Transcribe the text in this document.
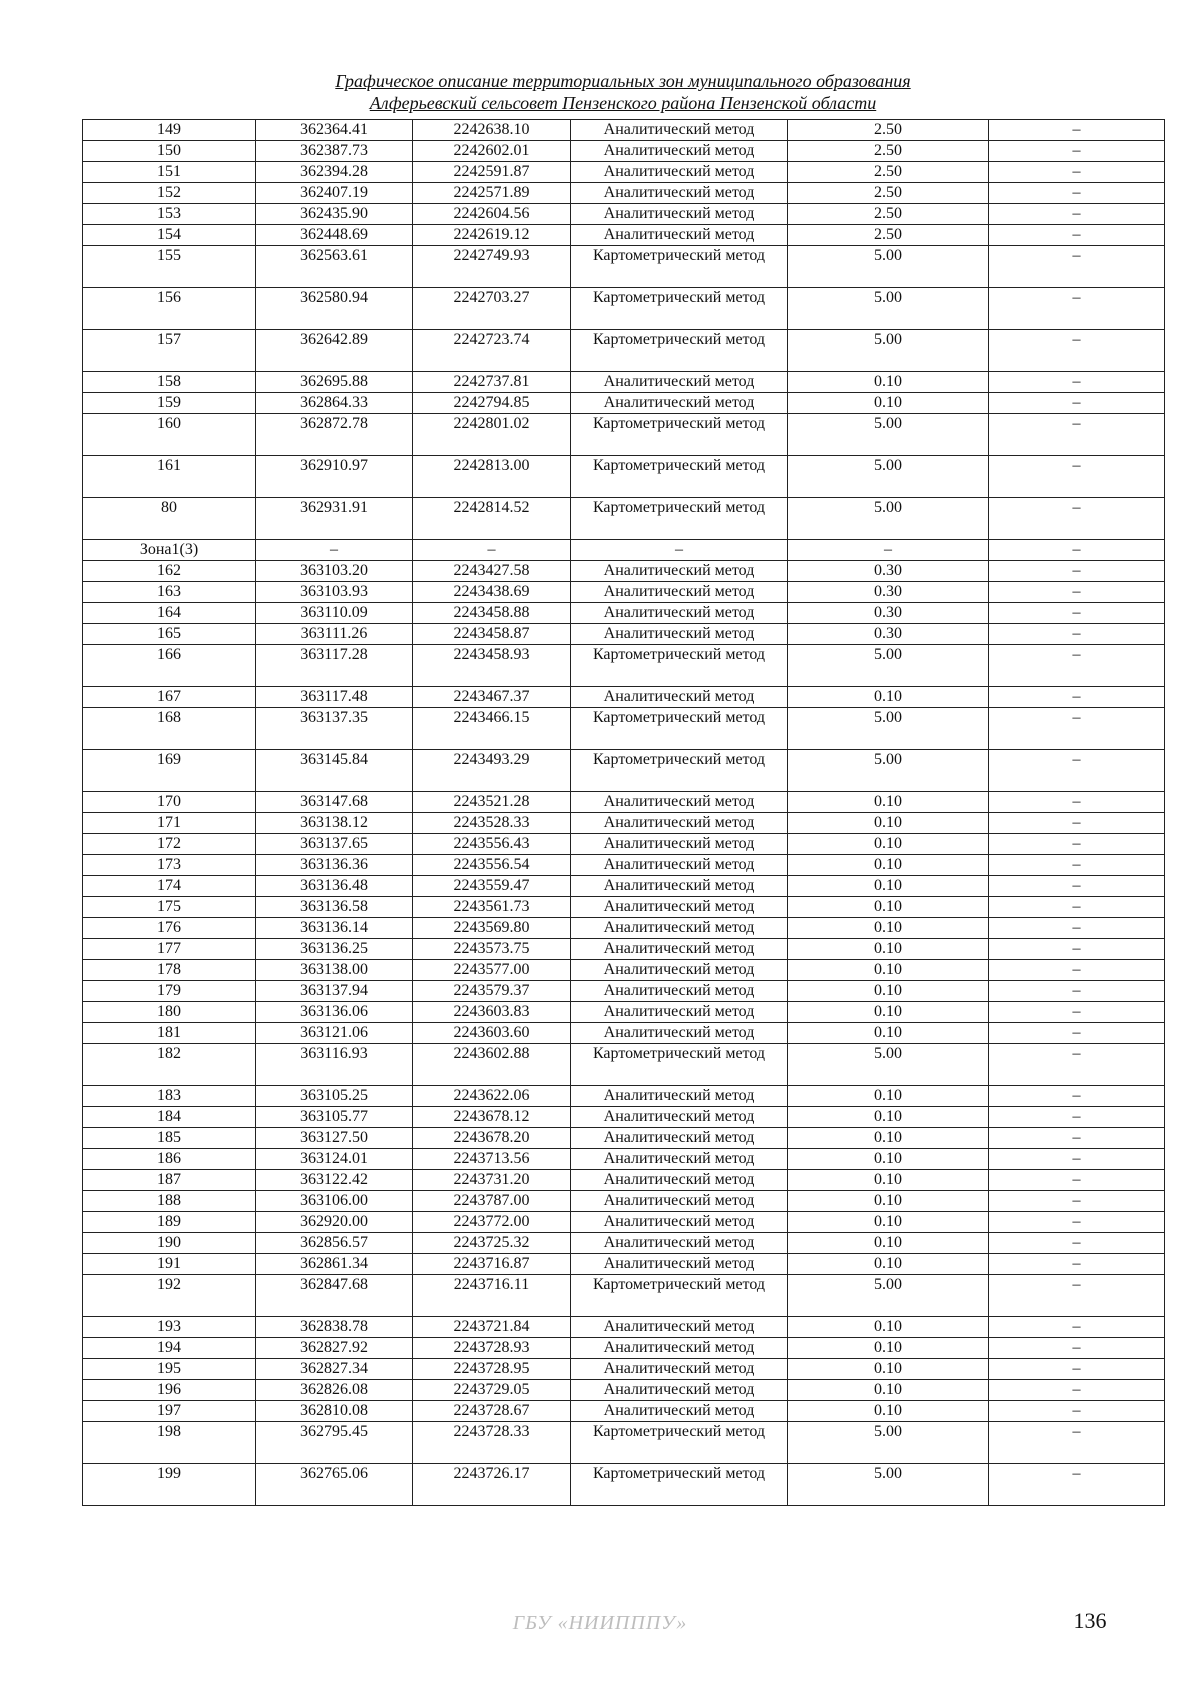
Графическое описание территориальных зон муниципального образования
Алферьевский сельсовет Пензенского района Пензенской области
149	362364.41	2242638.10	Аналитический метод	2.50	–
150	362387.73	2242602.01	Аналитический метод	2.50	–
151	362394.28	2242591.87	Аналитический метод	2.50	–
152	362407.19	2242571.89	Аналитический метод	2.50	–
153	362435.90	2242604.56	Аналитический метод	2.50	–
154	362448.69	2242619.12	Аналитический метод	2.50	–
155	362563.61	2242749.93	Картометрический метод	5.00	–
156	362580.94	2242703.27	Картометрический метод	5.00	–
157	362642.89	2242723.74	Картометрический метод	5.00	–
158	362695.88	2242737.81	Аналитический метод	0.10	–
159	362864.33	2242794.85	Аналитический метод	0.10	–
160	362872.78	2242801.02	Картометрический метод	5.00	–
161	362910.97	2242813.00	Картометрический метод	5.00	–
80	362931.91	2242814.52	Картометрический метод	5.00	–
Зона1(3)	–	–	–	–	–
162	363103.20	2243427.58	Аналитический метод	0.30	–
163	363103.93	2243438.69	Аналитический метод	0.30	–
164	363110.09	2243458.88	Аналитический метод	0.30	–
165	363111.26	2243458.87	Аналитический метод	0.30	–
166	363117.28	2243458.93	Картометрический метод	5.00	–
167	363117.48	2243467.37	Аналитический метод	0.10	–
168	363137.35	2243466.15	Картометрический метод	5.00	–
169	363145.84	2243493.29	Картометрический метод	5.00	–
170	363147.68	2243521.28	Аналитический метод	0.10	–
171	363138.12	2243528.33	Аналитический метод	0.10	–
172	363137.65	2243556.43	Аналитический метод	0.10	–
173	363136.36	2243556.54	Аналитический метод	0.10	–
174	363136.48	2243559.47	Аналитический метод	0.10	–
175	363136.58	2243561.73	Аналитический метод	0.10	–
176	363136.14	2243569.80	Аналитический метод	0.10	–
177	363136.25	2243573.75	Аналитический метод	0.10	–
178	363138.00	2243577.00	Аналитический метод	0.10	–
179	363137.94	2243579.37	Аналитический метод	0.10	–
180	363136.06	2243603.83	Аналитический метод	0.10	–
181	363121.06	2243603.60	Аналитический метод	0.10	–
182	363116.93	2243602.88	Картометрический метод	5.00	–
183	363105.25	2243622.06	Аналитический метод	0.10	–
184	363105.77	2243678.12	Аналитический метод	0.10	–
185	363127.50	2243678.20	Аналитический метод	0.10	–
186	363124.01	2243713.56	Аналитический метод	0.10	–
187	363122.42	2243731.20	Аналитический метод	0.10	–
188	363106.00	2243787.00	Аналитический метод	0.10	–
189	362920.00	2243772.00	Аналитический метод	0.10	–
190	362856.57	2243725.32	Аналитический метод	0.10	–
191	362861.34	2243716.87	Аналитический метод	0.10	–
192	362847.68	2243716.11	Картометрический метод	5.00	–
193	362838.78	2243721.84	Аналитический метод	0.10	–
194	362827.92	2243728.93	Аналитический метод	0.10	–
195	362827.34	2243728.95	Аналитический метод	0.10	–
196	362826.08	2243729.05	Аналитический метод	0.10	–
197	362810.08	2243728.67	Аналитический метод	0.10	–
198	362795.45	2243728.33	Картометрический метод	5.00	–
199	362765.06	2243726.17	Картометрический метод	5.00	–
ГБУ «НИИПППУ»	136
